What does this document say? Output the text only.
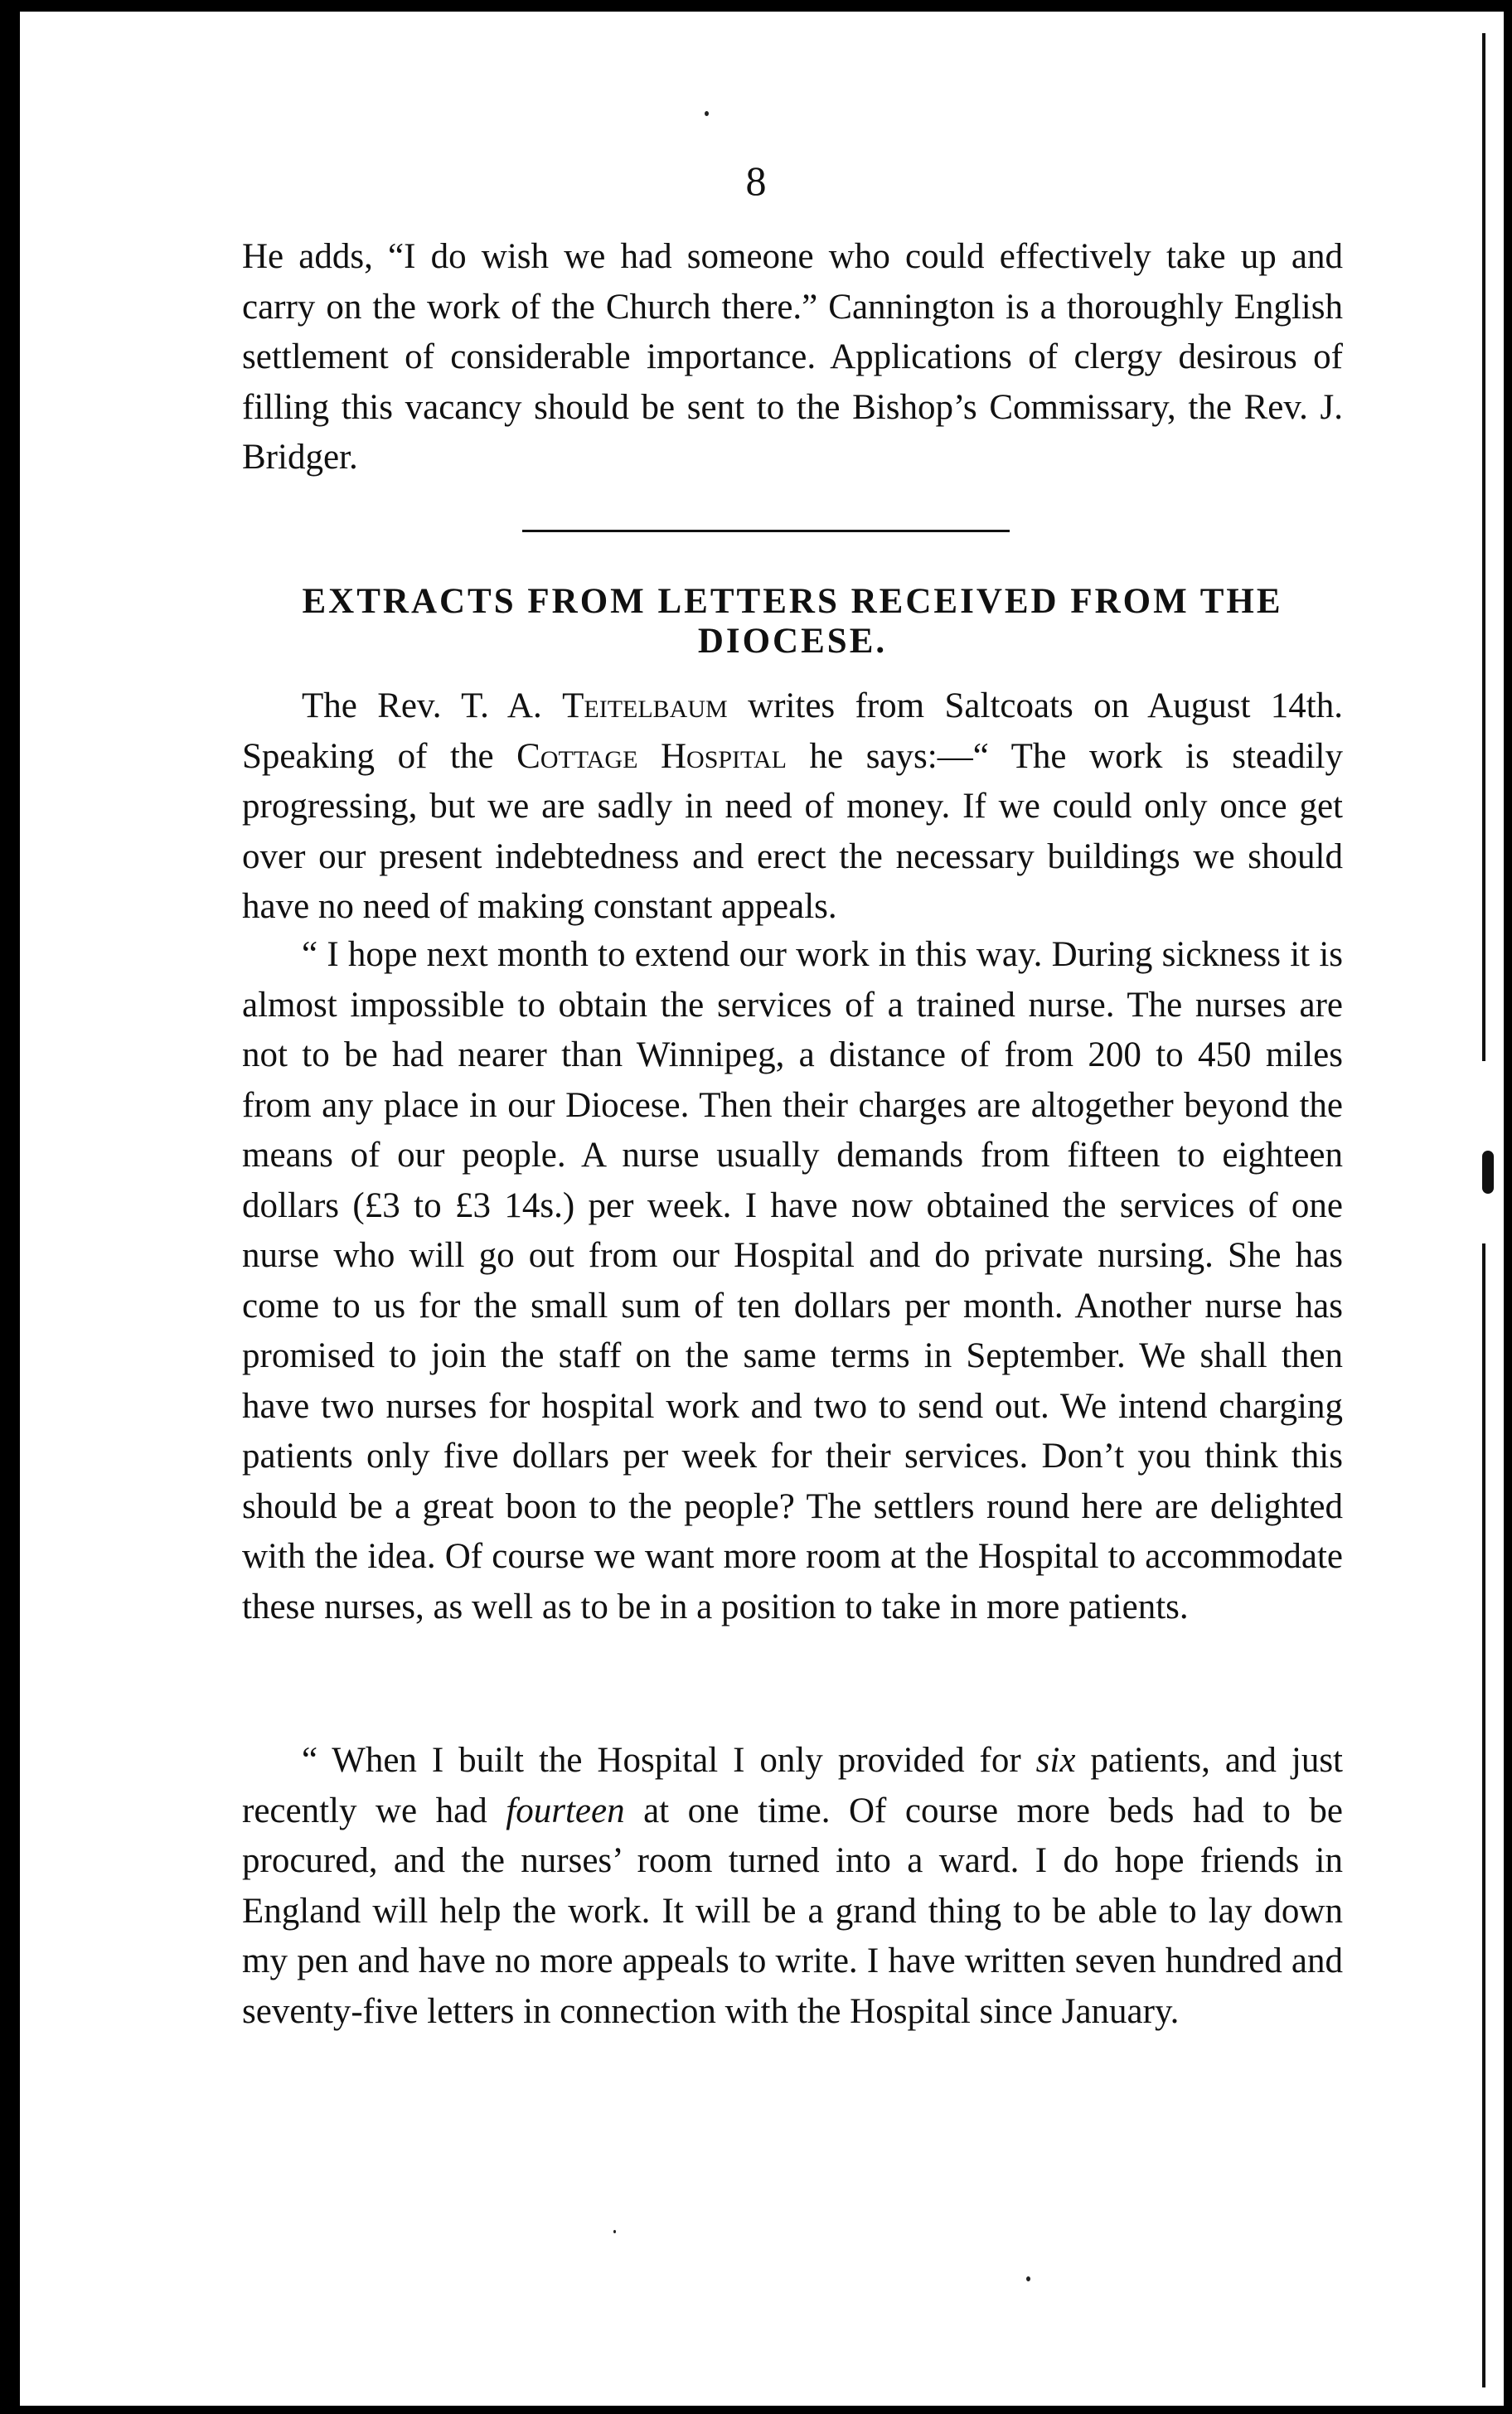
8

He adds, “I do wish we had someone who could effectively take up and carry on the work of the Church there.” Cannington is a thoroughly English settlement of considerable importance. Applications of clergy desirous of filling this vacancy should be sent to the Bishop’s Commissary, the Rev. J. Bridger.

EXTRACTS FROM LETTERS RECEIVED FROM THE DIOCESE.

The Rev. T. A. Teitelbaum writes from Saltcoats on August 14th. Speaking of the Cottage Hospital he says:—“ The work is steadily progressing, but we are sadly in need of money. If we could only once get over our present indebtedness and erect the necessary buildings we should have no need of making constant appeals.

“ I hope next month to extend our work in this way. During sickness it is almost impossible to obtain the services of a trained nurse. The nurses are not to be had nearer than Winnipeg, a distance of from 200 to 450 miles from any place in our Diocese. Then their charges are altogether beyond the means of our people. A nurse usually demands from fifteen to eighteen dollars (£3 to £3 14s.) per week. I have now obtained the services of one nurse who will go out from our Hospital and do private nursing. She has come to us for the small sum of ten dollars per month. Another nurse has promised to join the staff on the same terms in September. We shall then have two nurses for hospital work and two to send out. We intend charging patients only five dollars per week for their services. Don’t you think this should be a great boon to the people? The settlers round here are delighted with the idea. Of course we want more room at the Hospital to accommodate these nurses, as well as to be in a position to take in more patients.

“ When I built the Hospital I only provided for six patients, and just recently we had fourteen at one time. Of course more beds had to be procured, and the nurses’ room turned into a ward. I do hope friends in England will help the work. It will be a grand thing to be able to lay down my pen and have no more appeals to write. I have written seven hundred and seventy-five letters in connection with the Hospital since January.
